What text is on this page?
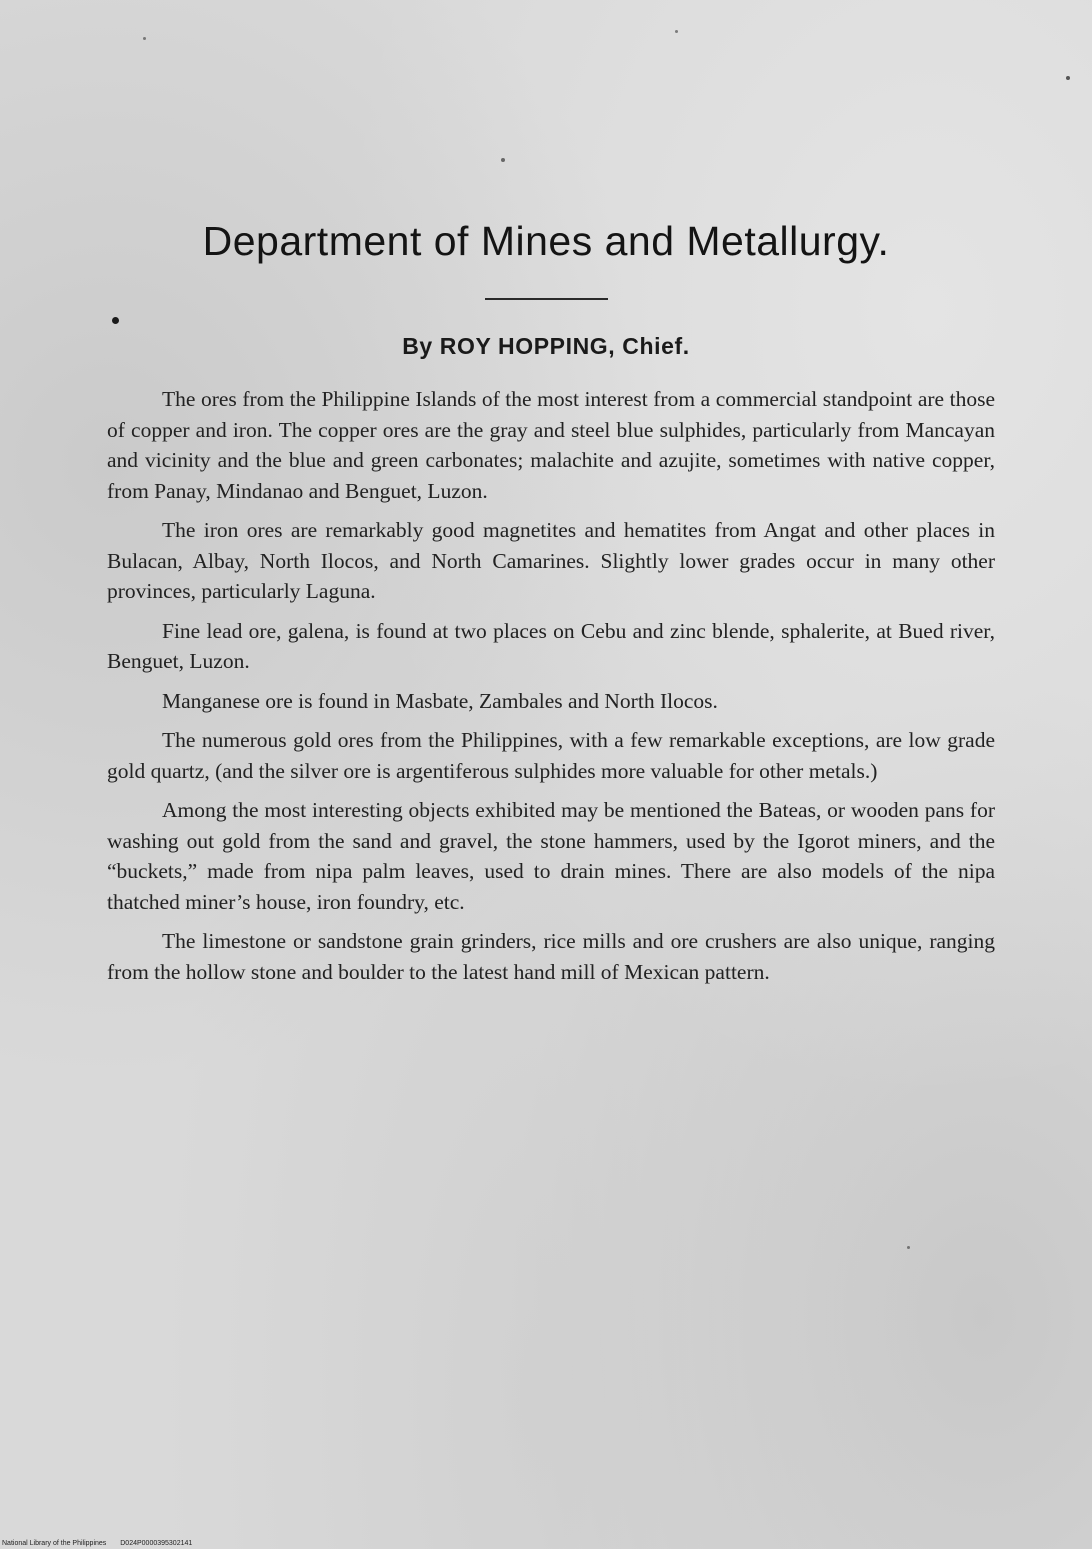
Department of Mines and Metallurgy.
By ROY HOPPING, Chief.

The ores from the Philippine Islands of the most interest from a commercial standpoint are those of copper and iron. The copper ores are the gray and steel blue sulphides, particularly from Mancayan and vicinity and the blue and green carbonates; malachite and azujite, sometimes with native copper, from Panay, Mindanao and Benguet, Luzon.

The iron ores are remarkably good magnetites and hematites from Angat and other places in Bulacan, Albay, North Ilocos, and North Camarines. Slightly lower grades occur in many other provinces, particularly Laguna.

Fine lead ore, galena, is found at two places on Cebu and zinc blende, sphalerite, at Bued river, Benguet, Luzon.

Manganese ore is found in Masbate, Zambales and North Ilocos.

The numerous gold ores from the Philippines, with a few remarkable exceptions, are low grade gold quartz, (and the silver ore is argentiferous sulphides more valuable for other metals.)

Among the most interesting objects exhibited may be mentioned the Bateas, or wooden pans for washing out gold from the sand and gravel, the stone hammers, used by the Igorot miners, and the “buckets,” made from nipa palm leaves, used to drain mines. There are also models of the nipa thatched miner’s house, iron foundry, etc.

The limestone or sandstone grain grinders, rice mills and ore crushers are also unique, ranging from the hollow stone and boulder to the latest hand mill of Mexican pattern.

National Library of the Philippines D024P0000395302141
